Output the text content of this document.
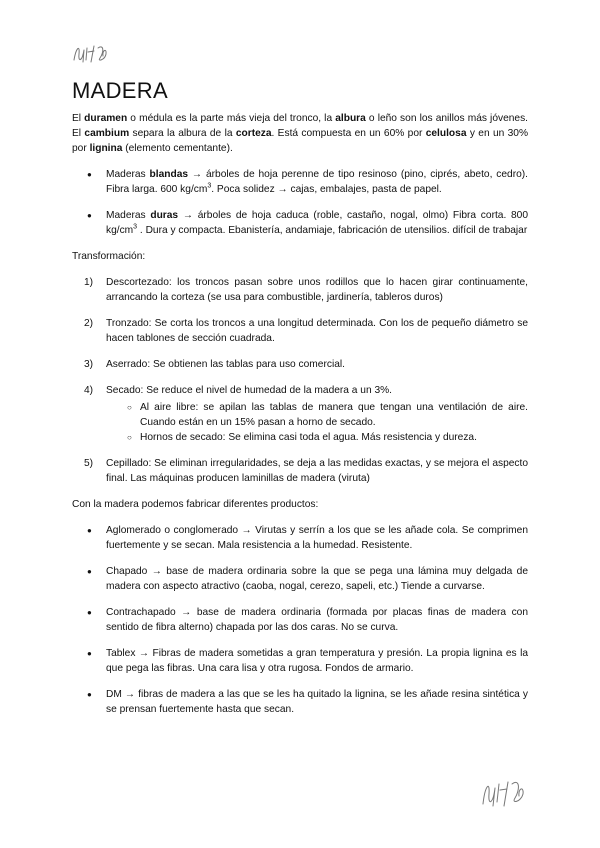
MADERA

El duramen o médula es la parte más vieja del tronco, la albura o leño son los anillos más jóvenes. El cambium separa la albura de la corteza. Está compuesta en un 60% por celulosa y en un 30% por lignina (elemento cementante).

● Maderas blandas → árboles de hoja perenne de tipo resinoso (pino, ciprés, abeto, cedro). Fibra larga. 600 $kg/cm^3$. Poca solidez → cajas, embalajes, pasta de papel.
● Maderas duras → árboles de hoja caduca (roble, castaño, nogal, olmo) Fibra corta. 800 $kg/cm^3$ . Dura y compacta. Ebanistería, andamiaje, fabricación de utensilios. difícil de trabajar

Transformación:

1) Descortezado: los troncos pasan sobre unos rodillos que lo hacen girar continuamente, arrancando la corteza (se usa para combustible, jardinería, tableros duros)
2) Tronzado: Se corta los troncos a una longitud determinada. Con los de pequeño diámetro se hacen tablones de sección cuadrada.
3) Aserrado: Se obtienen las tablas para uso comercial.
4) Secado: Se reduce el nivel de humedad de la madera a un 3%.
○ Al aire libre: se apilan las tablas de manera que tengan una ventilación de aire. Cuando están en un 15% pasan a horno de secado.
○ Hornos de secado: Se elimina casi toda el agua. Más resistencia y dureza.
5) Cepillado: Se eliminan irregularidades, se deja a las medidas exactas, y se mejora el aspecto final. Las máquinas producen laminillas de madera (viruta)

Con la madera podemos fabricar diferentes productos:

● Aglomerado o conglomerado → Virutas y serrín a los que se les añade cola. Se comprimen fuertemente y se secan. Mala resistencia a la humedad. Resistente.
● Chapado → base de madera ordinaria sobre la que se pega una lámina muy delgada de madera con aspecto atractivo (caoba, nogal, cerezo, sapeli, etc.) Tiende a curvarse.
● Contrachapado → base de madera ordinaria (formada por placas finas de madera con sentido de fibra alterno) chapada por las dos caras. No se curva.
● Tablex → Fibras de madera sometidas a gran temperatura y presión. La propia lignina es la que pega las fibras. Una cara lisa y otra rugosa. Fondos de armario.
● DM → fibras de madera a las que se les ha quitado la lignina, se les añade resina sintética y se prensan fuertemente hasta que secan.
